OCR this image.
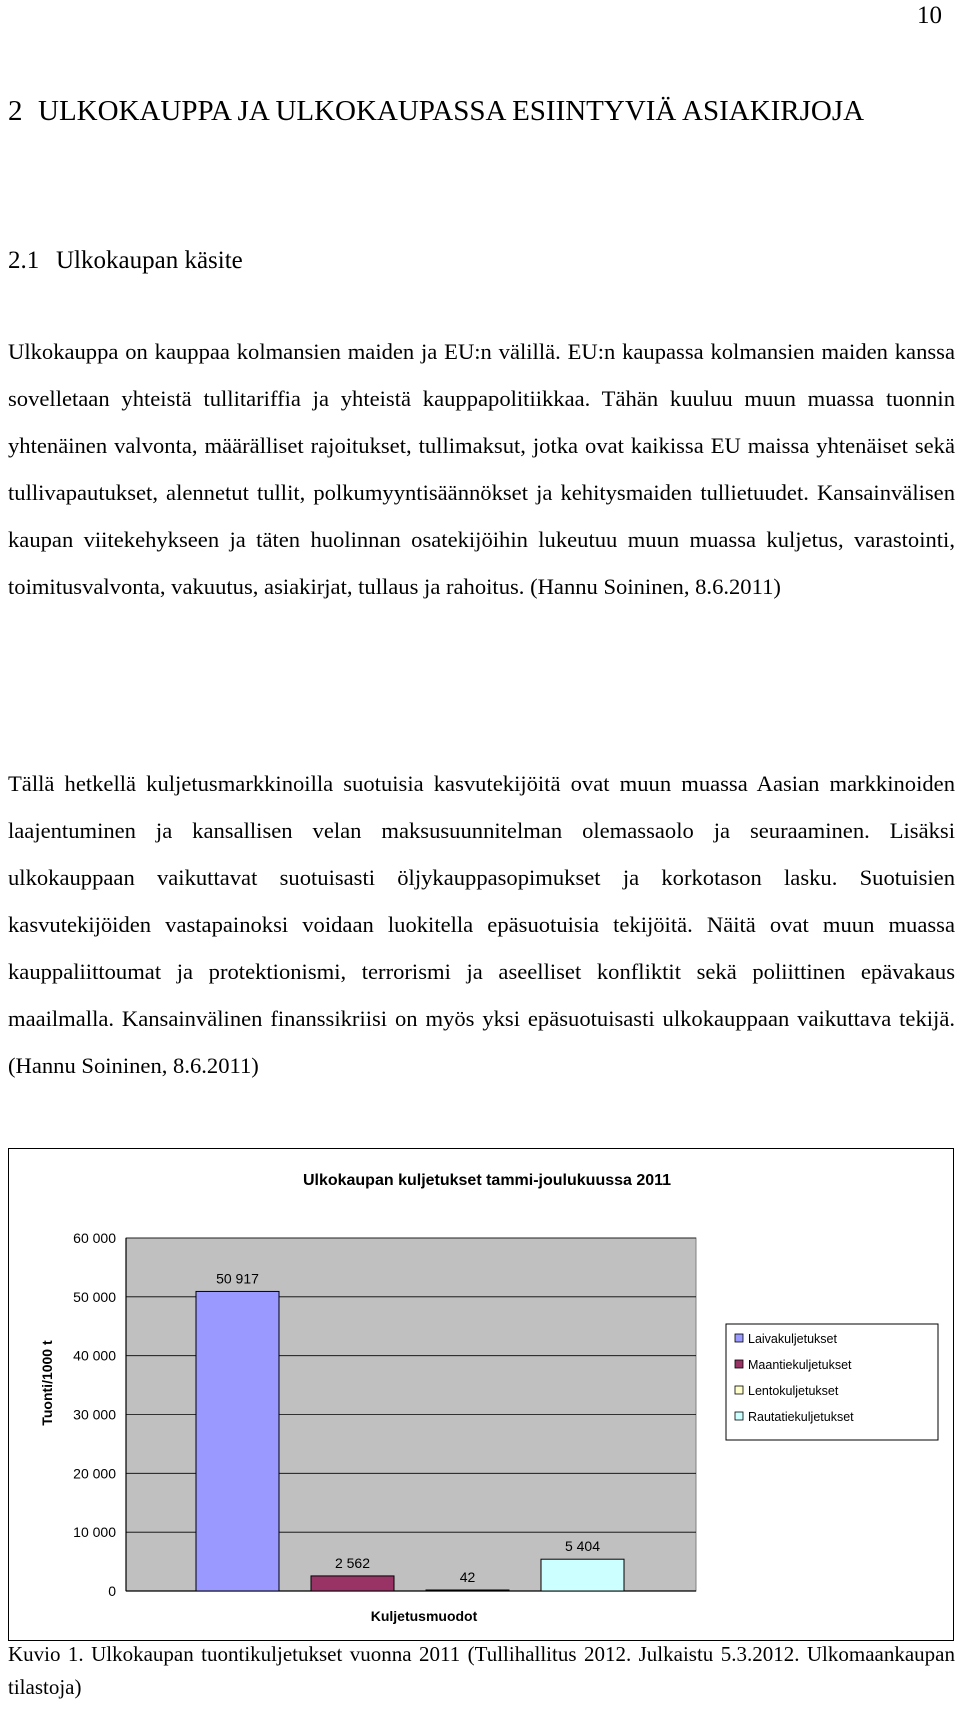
10
2 ULKOKAUPPA JA ULKOKAUPASSA ESIINTYVIÄ ASIAKIRJOJA
2.1 Ulkokaupan käsite

Ulkokauppa on kauppaa kolmansien maiden ja EU:n välillä. EU:n kaupassa kolmansien maiden kanssa sovelletaan yhteistä tullitariffia ja yhteistä kauppapolitiikkaa. Tähän kuuluu muun muassa tuonnin yhtenäinen valvonta, määrälliset rajoitukset, tullimaksut, jotka ovat kaikissa EU maissa yhtenäiset sekä tullivapautukset, alennetut tullit, polkumyyntisäännökset ja kehitysmaiden tullietuudet. Kansainvälisen kaupan viitekehykseen ja täten huolinnan osatekijöihin lukeutuu muun muassa kuljetus, varastointi, toimitusvalvonta, vakuutus, asiakirjat, tullaus ja rahoitus. (Hannu Soininen, 8.6.2011)

Tällä hetkellä kuljetusmarkkinoilla suotuisia kasvutekijöitä ovat muun muassa Aasian markkinoiden laajentuminen ja kansallisen velan maksusuunnitelman olemassaolo ja seuraaminen. Lisäksi ulkokauppaan vaikuttavat suotuisasti öljykauppasopimukset ja korkotason lasku. Suotuisien kasvutekijöiden vastapainoksi voidaan luokitella epäsuotuisia tekijöitä. Näitä ovat muun muassa kauppaliittoumat ja protektionismi, terrorismi ja aseelliset konfliktit sekä poliittinen epävakaus maailmalla. Kansainvälinen finanssikriisi on myös yksi epäsuotuisasti ulkokauppaan vaikuttava tekijä. (Hannu Soininen, 8.6.2011)

Ulkokaupan kuljetukset tammi-joulukuussa 2011
Tuonti/1000 t
Kuljetusmuodot
0
10 000
20 000
30 000
40 000
50 000
60 000
50 917
2 562
42
5 404
Laivakuljetukset
Maantiekuljetukset
Lentokuljetukset
Rautatiekuljetukset

Kuvio 1. Ulkokaupan tuontikuljetukset vuonna 2011 (Tullihallitus 2012. Julkaistu 5.3.2012. Ulkomaankaupan tilastoja)
